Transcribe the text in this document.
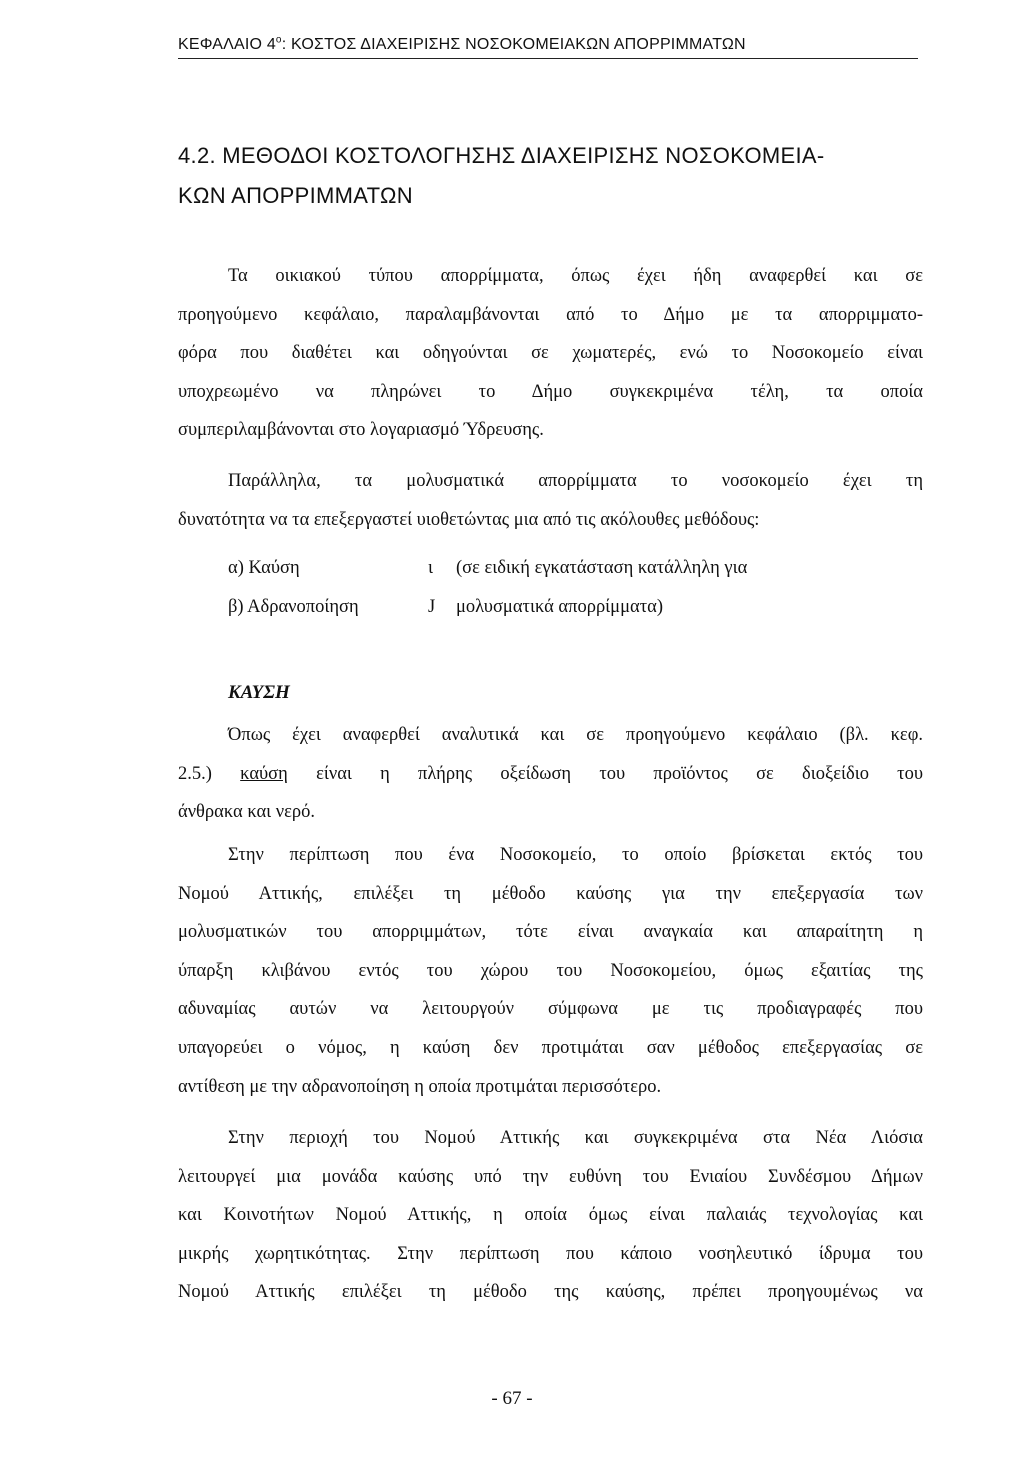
ΚΕΦΑΛΑΙΟ $4^o$: ΚΟΣΤΟΣ ΔΙΑΧΕΙΡΙΣΗΣ ΝΟΣΟΚΟΜΕΙΑΚΩΝ ΑΠΟΡΡΙΜΜΑΤΩΝ
4.2. ΜΕΘΟΔΟΙ ΚΟΣΤΟΛΟΓΗΣΗΣ ΔΙΑΧΕΙΡΙΣΗΣ ΝΟΣΟΚΟΜΕΙΑ-
ΚΩΝ ΑΠΟΡΡΙΜΜΑΤΩΝ
Τα οικιακού τύπου απορρίμματα, όπως έχει ήδη αναφερθεί και σε
προηγούμενο κεφάλαιο, παραλαμβάνονται από το Δήμο με τα απορριμματο-
φόρα που διαθέτει και οδηγούνται σε χωματερές, ενώ το Νοσοκομείο είναι
υποχρεωμένο να πληρώνει το Δήμο συγκεκριμένα τέλη, τα οποία
συμπεριλαμβάνονται στο λογαριασμό Ύδρευσης.
Παράλληλα, τα μολυσματικά απορρίμματα το νοσοκομείο έχει τη
δυνατότητα να τα επεξεργαστεί υιοθετώντας μια από τις ακόλουθες μεθόδους:
α) Καύση	ι (σε ειδική εγκατάσταση κατάλληλη για
β) Αδρανοποίηση	J μολυσματικά απορρίμματα)
ΚΑΥΣΗ
Όπως έχει αναφερθεί αναλυτικά και σε προηγούμενο κεφάλαιο (βλ. κεφ.
2.5.) καύση είναι η πλήρης οξείδωση του προϊόντος σε διοξείδιο του
άνθρακα και νερό.
Στην περίπτωση που ένα Νοσοκομείο, το οποίο βρίσκεται εκτός του
Νομού Αττικής, επιλέξει τη μέθοδο καύσης για την επεξεργασία των
μολυσματικών του απορριμμάτων, τότε είναι αναγκαία και απαραίτητη η
ύπαρξη κλιβάνου εντός του χώρου του Νοσοκομείου, όμως εξαιτίας της
αδυναμίας αυτών να λειτουργούν σύμφωνα με τις προδιαγραφές που
υπαγορεύει ο νόμος, η καύση δεν προτιμάται σαν μέθοδος επεξεργασίας σε
αντίθεση με την αδρανοποίηση η οποία προτιμάται περισσότερο.
Στην περιοχή του Νομού Αττικής και συγκεκριμένα στα Νέα Λιόσια
λειτουργεί μια μονάδα καύσης υπό την ευθύνη του Ενιαίου Συνδέσμου Δήμων
και Κοινοτήτων Νομού Αττικής, η οποία όμως είναι παλαιάς τεχνολογίας και
μικρής χωρητικότητας. Στην περίπτωση που κάποιο νοσηλευτικό ίδρυμα του
Νομού Αττικής επιλέξει τη μέθοδο της καύσης, πρέπει προηγουμένως να
- 67 -
